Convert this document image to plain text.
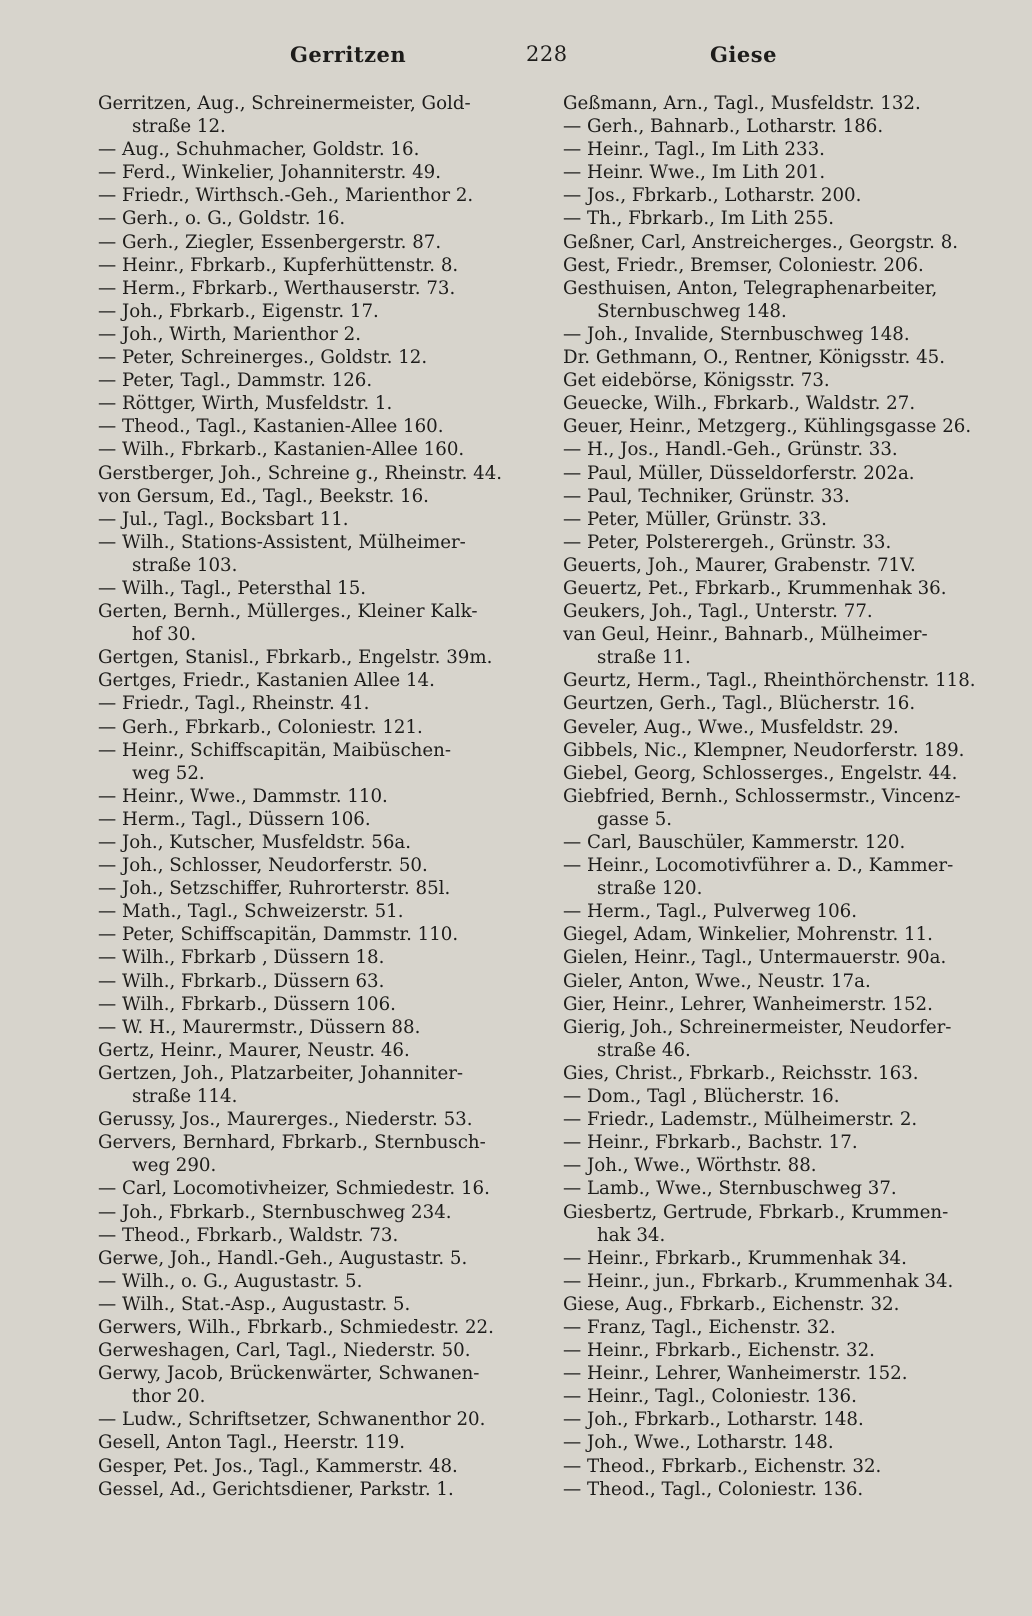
Gerritzen	228	Giese
Gerritzen, Aug., Schreinermeister, Gold-
straße 12.
— Aug., Schuhmacher, Goldstr. 16.
— Ferd., Winkelier, Johanniterstr. 49.
— Friedr., Wirthsch.-Geh., Marienthor 2.
— Gerh., o. G., Goldstr. 16.
— Gerh., Ziegler, Essenbergerstr. 87.
— Heinr., Fbrkarb., Kupferhüttenstr. 8.
— Herm., Fbrkarb., Werthauserstr. 73.
— Joh., Fbrkarb., Eigenstr. 17.
— Joh., Wirth, Marienthor 2.
— Peter, Schreinerges., Goldstr. 12.
— Peter, Tagl., Dammstr. 126.
— Röttger, Wirth, Musfeldstr. 1.
— Theod., Tagl., Kastanien-Allee 160.
— Wilh., Fbrkarb., Kastanien-Allee 160.
Gerstberger, Joh., Schreine g., Rheinstr. 44.
von Gersum, Ed., Tagl., Beekstr. 16.
— Jul., Tagl., Bocksbart 11.
— Wilh., Stations-Assistent, Mülheimer-
straße 103.
— Wilh., Tagl., Petersthal 15.
Gerten, Bernh., Müllerges., Kleiner Kalk-
hof 30.
Gertgen, Stanisl., Fbrkarb., Engelstr. 39m.
Gertges, Friedr., Kastanien Allee 14.
— Friedr., Tagl., Rheinstr. 41.
— Gerh., Fbrkarb., Coloniestr. 121.
— Heinr., Schiffscapitän, Maibüschen-
weg 52.
— Heinr., Wwe., Dammstr. 110.
— Herm., Tagl., Düssern 106.
— Joh., Kutscher, Musfeldstr. 56a.
— Joh., Schlosser, Neudorferstr. 50.
— Joh., Setzschiffer, Ruhrorterstr. 85l.
— Math., Tagl., Schweizerstr. 51.
— Peter, Schiffscapitän, Dammstr. 110.
— Wilh., Fbrkarb , Düssern 18.
— Wilh., Fbrkarb., Düssern 63.
— Wilh., Fbrkarb., Düssern 106.
— W. H., Maurermstr., Düssern 88.
Gertz, Heinr., Maurer, Neustr. 46.
Gertzen, Joh., Platzarbeiter, Johanniter-
straße 114.
Gerussy, Jos., Maurerges., Niederstr. 53.
Gervers, Bernhard, Fbrkarb., Sternbusch-
weg 290.
— Carl, Locomotivheizer, Schmiedestr. 16.
— Joh., Fbrkarb., Sternbuschweg 234.
— Theod., Fbrkarb., Waldstr. 73.
Gerwe, Joh., Handl.-Geh., Augustastr. 5.
— Wilh., o. G., Augustastr. 5.
— Wilh., Stat.-Asp., Augustastr. 5.
Gerwers, Wilh., Fbrkarb., Schmiedestr. 22.
Gerweshagen, Carl, Tagl., Niederstr. 50.
Gerwy, Jacob, Brückenwärter, Schwanen-
thor 20.
— Ludw., Schriftsetzer, Schwanenthor 20.
Gesell, Anton Tagl., Heerstr. 119.
Gesper, Pet. Jos., Tagl., Kammerstr. 48.
Gessel, Ad., Gerichtsdiener, Parkstr. 1.
Geßmann, Arn., Tagl., Musfeldstr. 132.
— Gerh., Bahnarb., Lotharstr. 186.
— Heinr., Tagl., Im Lith 233.
— Heinr. Wwe., Im Lith 201.
— Jos., Fbrkarb., Lotharstr. 200.
— Th., Fbrkarb., Im Lith 255.
Geßner, Carl, Anstreicherges., Georgstr. 8.
Gest, Friedr., Bremser, Coloniestr. 206.
Gesthuisen, Anton, Telegraphenarbeiter,
Sternbuschweg 148.
— Joh., Invalide, Sternbuschweg 148.
Dr. Gethmann, O., Rentner, Königsstr. 45.
Get eidebörse, Königsstr. 73.
Geuecke, Wilh., Fbrkarb., Waldstr. 27.
Geuer, Heinr., Metzgerg., Kühlingsgasse 26.
— H., Jos., Handl.-Geh., Grünstr. 33.
— Paul, Müller, Düsseldorferstr. 202a.
— Paul, Techniker, Grünstr. 33.
— Peter, Müller, Grünstr. 33.
— Peter, Polsterergeh., Grünstr. 33.
Geuerts, Joh., Maurer, Grabenstr. 71V.
Geuertz, Pet., Fbrkarb., Krummenhak 36.
Geukers, Joh., Tagl., Unterstr. 77.
van Geul, Heinr., Bahnarb., Mülheimer-
straße 11.
Geurtz, Herm., Tagl., Rheinthörchenstr. 118.
Geurtzen, Gerh., Tagl., Blücherstr. 16.
Geveler, Aug., Wwe., Musfeldstr. 29.
Gibbels, Nic., Klempner, Neudorferstr. 189.
Giebel, Georg, Schlosserges., Engelstr. 44.
Giebfried, Bernh., Schlossermstr., Vincenz-
gasse 5.
— Carl, Bauschüler, Kammerstr. 120.
— Heinr., Locomotivführer a. D., Kammer-
straße 120.
— Herm., Tagl., Pulverweg 106.
Giegel, Adam, Winkelier, Mohrenstr. 11.
Gielen, Heinr., Tagl., Untermauerstr. 90a.
Gieler, Anton, Wwe., Neustr. 17a.
Gier, Heinr., Lehrer, Wanheimerstr. 152.
Gierig, Joh., Schreinermeister, Neudorfer-
straße 46.
Gies, Christ., Fbrkarb., Reichsstr. 163.
— Dom., Tagl , Blücherstr. 16.
— Friedr., Lademstr., Mülheimerstr. 2.
— Heinr., Fbrkarb., Bachstr. 17.
— Joh., Wwe., Wörthstr. 88.
— Lamb., Wwe., Sternbuschweg 37.
Giesbertz, Gertrude, Fbrkarb., Krummen-
hak 34.
— Heinr., Fbrkarb., Krummenhak 34.
— Heinr., jun., Fbrkarb., Krummenhak 34.
Giese, Aug., Fbrkarb., Eichenstr. 32.
— Franz, Tagl., Eichenstr. 32.
— Heinr., Fbrkarb., Eichenstr. 32.
— Heinr., Lehrer, Wanheimerstr. 152.
— Heinr., Tagl., Coloniestr. 136.
— Joh., Fbrkarb., Lotharstr. 148.
— Joh., Wwe., Lotharstr. 148.
— Theod., Fbrkarb., Eichenstr. 32.
— Theod., Tagl., Coloniestr. 136.
